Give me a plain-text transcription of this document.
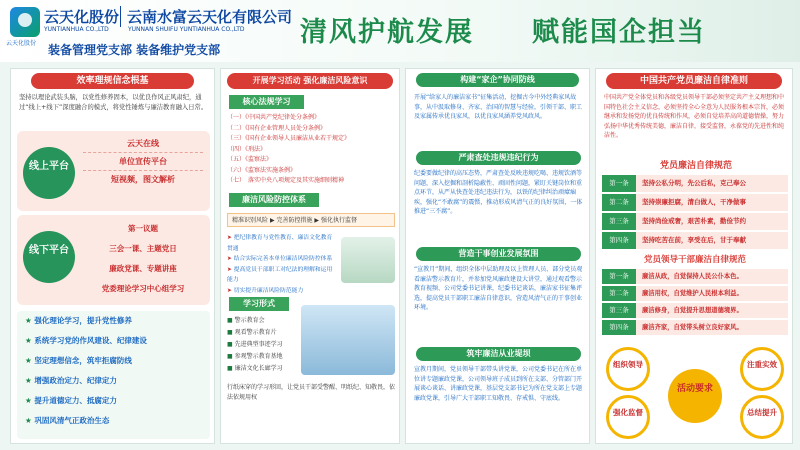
云天化股份
云天化股份
YUNTIANHUA CO.,LTD
云南水富云天化有限公司
YUNNAN SHUIFU YUNTIANHUA CO.,LTD
装备管理党支部 装备维护党支部
清风护航发展　　赋能国企担当
效率理规信念根基
坚持以理论武装头脑，以党性修养固本，以优良作风正风肃纪，通过“线上+线下”深度融合的模式，将党性锤炼与廉洁教育融入日常。
线上平台
云天在线
单位宣传平台
短视频，图文解析
线下平台
第一议题
三会一课、主题党日
廉政党课、专题讲座
党委理论学习中心组学习
★ 强化理论学习，提升党性修养
★ 系统学习党的作风建设、纪律建设
★ 坚定理想信念，筑牢拒腐防线
★ 增强政治定力、纪律定力
★ 提升道德定力、抵腐定力
★ 巩固风清气正政治生态
开展学习活动 强化廉洁风险意识
核心法规学习
（一）《中国共产党纪律处分条例》
（二）《国有企业管理人员处分条例》
（三）《国有企业领导人员廉洁从业若干规定》
（四）《刑法》
（五）《监察法》
（六）《监察法实施条例》
（七）　落实中央八项规定及其实施细则精神
廉洁风险防控体系
精准识别风险 ▶ 完善防控措施 ▶ 强化执行监督
➤ 把纪律教育与党性教育、廉洁文化教育贯通
➤ 结合实际完善本单位廉洁风险防控体系
➤ 提高党员干部职工对纪法的理解和运用能力
➤ 切实提升廉洁风险防范能力
学习形式
■ 警示教育会
■ 观看警示教育片
■ 先进典型事迹学习
■ 参观警示教育基地
■ 廉洁文化长廊学习
行纸床穿的学习形回，让党员干部受警醒、明纸纪、知敬畏，依法依规用权
构建“家企”协同防线
开展“给家人的廉洁家书”征集活动，挖掘古今中外经典家风故事，从中汲取修身、齐家、治国的智慧与经验，引领干部、职工及家属传承优良家风，以优良家风涵养党风政风。
严肃查处违规违纪行为
纪委要做纪律的高压态势，严肃查处反映违规吃喝、违规饮酒等问题，深入挖掘和剖析隐蔽性、顽固性问题，紧盯关键岗位和重点环节，从严从快查处违纪违法行为，以铁的纪律纠治顽瘴痼疾，强化“不敢腐”的震慑，推动形成风清气正的良好氛围，一体推进“三不腐”。
营造干事创业发展氛围
“宣教月”期间，组织全体中层助理及以上管理人员、部分党员观看廉洁警示教育片，并参加党风廉政建设大讲堂，通过观看警示教育视频、公司党委书记讲课，纪委书记谈话，廉洁家书征集评选，提高党员干部职工廉洁自律意识，营造风清气正的干事创业环境。
筑牢廉洁从业堤坝
宣教月期间，党员领导干部带头讲党课，公司党委书记在所在单位讲专题廉政党课，公司领导班子成员到所在支部、分管部门开展谈心谈话、讲廉政党课，基层党支部书记为所在党支部上专题廉政党课，引导广大干部职工知敬畏、存戒惧、守底线。
中国共产党员廉洁自律准则
中国共产党全体党员和各级党员领导干部必须坚定共产主义理想和中国特色社会主义信念，必须坚持全心全意为人民服务根本宗旨，必须继承和发扬党的优良传统和作风，必须自觉培养高尚道德情操，努力弘扬中华优秀传统美德，廉洁自律，接受监督，永葆党的先进性和纯洁性。
党员廉洁自律规范
第一条	坚持公私分明，先公后私，克己奉公
第二条	坚持崇廉拒腐，清白做人，干净做事
第三条	坚持尚俭戒奢，艰苦朴素，勤俭节约
第四条	坚持吃苦在前，享受在后，甘于奉献
党员领导干部廉洁自律规范
第一条	廉洁从政，自觉保持人民公仆本色。
第二条	廉洁用权，自觉维护人民根本利益。
第三条	廉洁修身，自觉提升思想道德境界。
第四条	廉洁齐家，自觉带头树立良好家风。
组织领导	注重实效
强化监督	总结提升
活动要求
